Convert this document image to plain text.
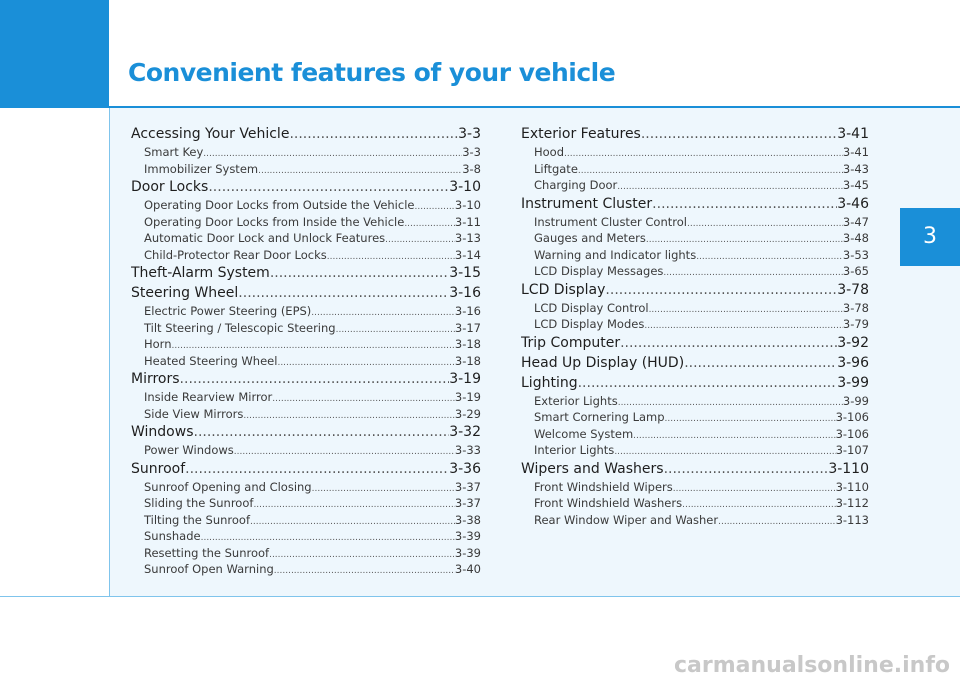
Convenient features of your vehicle
3
Accessing Your Vehicle .....	3-3
Smart Key .....	3-3
Immobilizer System .....	3-8
Door Locks .....	3-10
Operating Door Locks from Outside the Vehicle .....	3-10
Operating Door Locks from Inside the Vehicle .....	3-11
Automatic Door Lock and Unlock Features .....	3-13
Child-Protector Rear Door Locks .....	3-14
Theft-Alarm System .....	3-15
Steering Wheel .....	3-16
Electric Power Steering (EPS) .....	3-16
Tilt Steering / Telescopic Steering .....	3-17
Horn .....	3-18
Heated Steering Wheel .....	3-18
Mirrors .....	3-19
Inside Rearview Mirror .....	3-19
Side View Mirrors .....	3-29
Windows .....	3-32
Power Windows .....	3-33
Sunroof .....	3-36
Sunroof Opening and Closing .....	3-37
Sliding the Sunroof .....	3-37
Tilting the Sunroof .....	3-38
Sunshade .....	3-39
Resetting the Sunroof .....	3-39
Sunroof Open Warning .....	3-40
Exterior Features .....	3-41
Hood .....	3-41
Liftgate .....	3-43
Charging Door .....	3-45
Instrument Cluster .....	3-46
Instrument Cluster Control .....	3-47
Gauges and Meters .....	3-48
Warning and Indicator lights .....	3-53
LCD Display Messages .....	3-65
LCD Display .....	3-78
LCD Display Control .....	3-78
LCD Display Modes .....	3-79
Trip Computer .....	3-92
Head Up Display (HUD) .....	3-96
Lighting .....	3-99
Exterior Lights .....	3-99
Smart Cornering Lamp .....	3-106
Welcome System .....	3-106
Interior Lights .....	3-107
Wipers and Washers .....	3-110
Front Windshield Wipers .....	3-110
Front Windshield Washers .....	3-112
Rear Window Wiper and Washer .....	3-113
carmanualsonline.info
